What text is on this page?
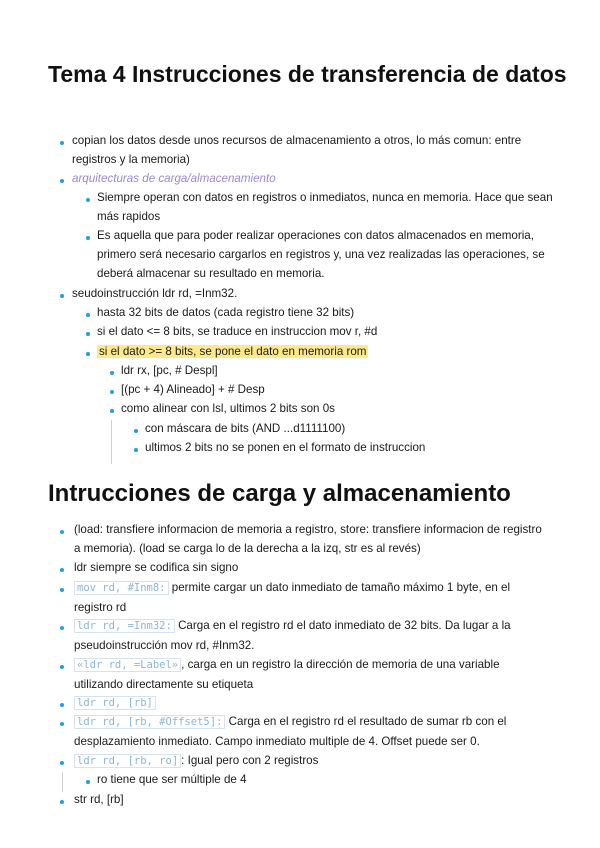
Tema 4 Instrucciones de transferencia de datos
copian los datos desde unos recursos de almacenamiento a otros, lo más comun: entre registros y la memoria)
arquitecturas de carga/almacenamiento
Siempre operan con datos en registros o inmediatos, nunca en memoria. Hace que sean más rapidos
Es aquella que para poder realizar operaciones con datos almacenados en memoria, primero será necesario cargarlos en registros y, una vez realizadas las operaciones, se deberá almacenar su resultado en memoria.
seudoinstrucción ldr rd, =Inm32.
hasta 32 bits de datos (cada registro tiene 32 bits)
si el dato <= 8 bits, se traduce en instruccion mov r, #d
si el dato >= 8 bits, se pone el dato en memoria rom
ldr rx, [pc, # Despl]
[(pc + 4) Alineado] + # Desp
como alinear con lsl, ultimos 2 bits son 0s
con máscara de bits (AND ...d1111100)
ultimos 2 bits no se ponen en el formato de instruccion
Intrucciones de carga y almacenamiento
(load: transfiere informacion de memoria a registro, store: transfiere informacion de registro a memoria). (load se carga lo de la derecha a la izq, str es al revés)
ldr siempre se codifica sin signo
mov rd, #Inm8: permite cargar un dato inmediato de tamaño máximo 1 byte, en el registro rd
ldr rd, =Inm32: Carga en el registro rd el dato inmediato de 32 bits. Da lugar a la pseudoinstrucción mov rd, #Inm32.
«ldr rd, =Label» , carga en un registro la dirección de memoria de una variable utilizando directamente su etiqueta
ldr rd, [rb]
ldr rd, [rb, #Offset5]: Carga en el registro rd el resultado de sumar rb con el desplazamiento inmediato. Campo inmediato multiple de 4. Offset puede ser 0.
ldr rd, [rb, ro] : Igual pero con 2 registros
ro tiene que ser múltiple de 4
str rd, [rb]
